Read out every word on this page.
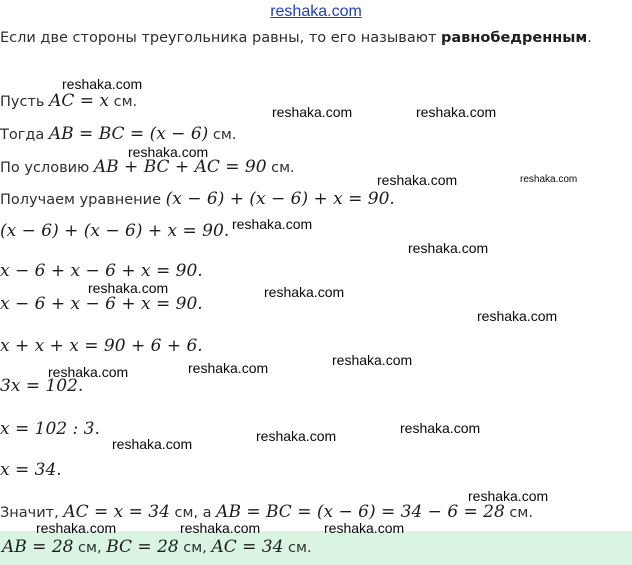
reshaka.com
Если две стороны треугольника равны, то его называют равнобедренным.
Пусть AC = x см.
Тогда AB = BC = (x − 6) см.
По условию AB + BC + AC = 90 см.
Получаем уравнение (x − 6) + (x − 6) + x = 90.
(x − 6) + (x − 6) + x = 90.
x − 6 + x − 6 + x = 90.
x − 6 + x − 6 + x = 90.
x + x + x = 90 + 6 + 6.
3x = 102.
x = 102 : 3.
x = 34.
Значит, AC = x = 34 см, а AB = BC = (x − 6) = 34 − 6 = 28 см.
AB = 28 см, BC = 28 см, AC = 34 см.
reshaka.com
reshaka.com	reshaka.com
reshaka.com
reshaka.com	reshaka.com
reshaka.com
reshaka.com
reshaka.com	reshaka.com
reshaka.com
reshaka.com
reshaka.com	reshaka.com
reshaka.com
reshaka.com
reshaka.com
reshaka.com
reshaka.com	reshaka.com	reshaka.com
